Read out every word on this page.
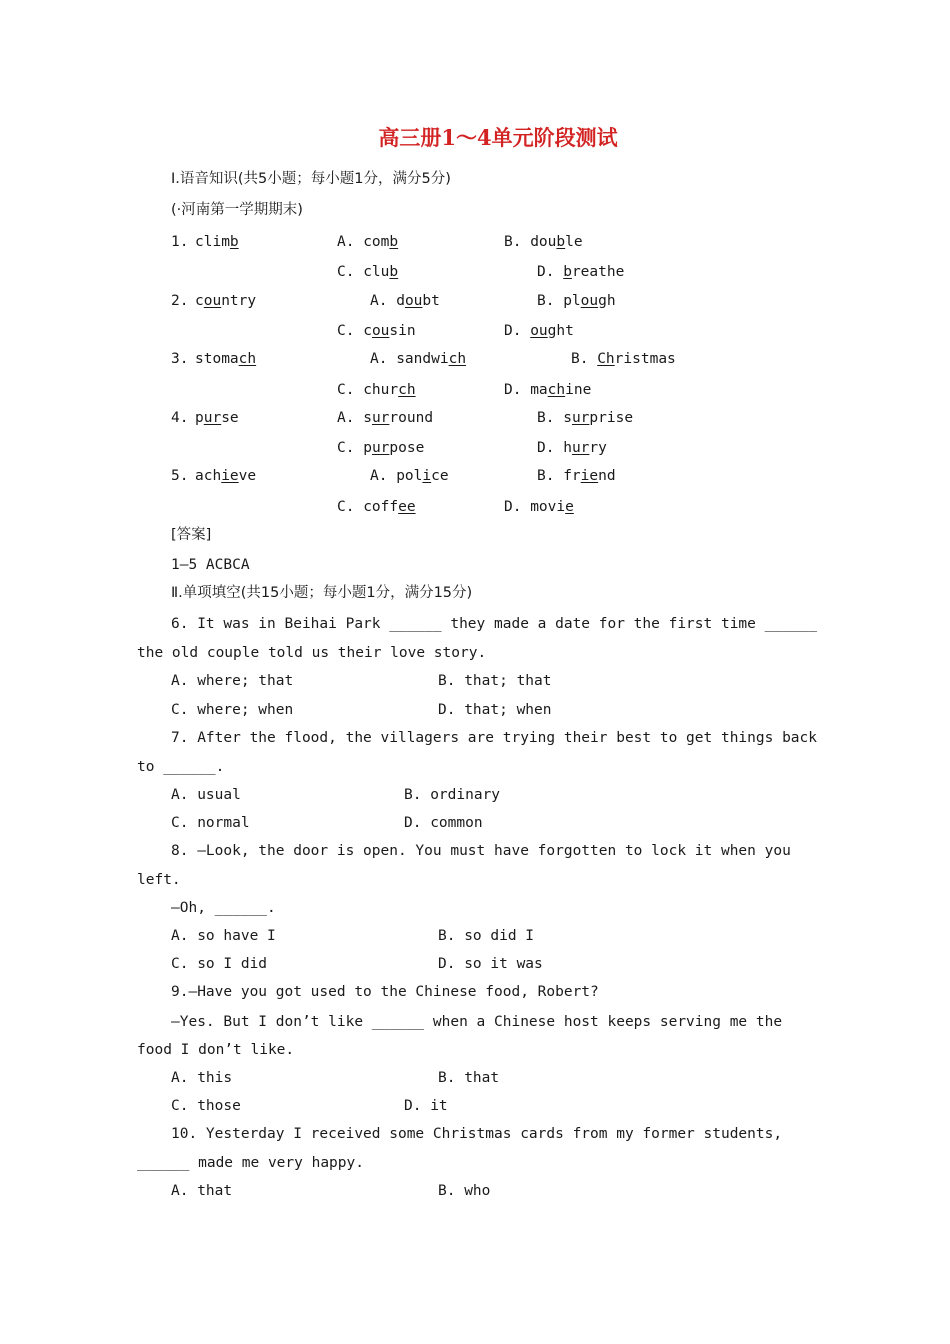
高三册1～4单元阶段测试
Ⅰ.语音知识(共5小题；每小题1分，满分5分)
(·河南第一学期期末)
1. climb	A. comb	B. double
C. club	D. breathe
2. country	A. doubt	B. plough
C. cousin	D. ought
3. stomach	A. sandwich	B. Christmas
C. church	D. machine
4. purse	A. surround	B. surprise
C. purpose	D. hurry
5. achieve	A. police	B. friend
C. coffee	D. movie
[答案]
1—5 ACBCA
Ⅱ.单项填空(共15小题；每小题1分，满分15分)
6. It was in Beihai Park ______ they made a date for the first time ______
the old couple told us their love story.
A. where; that	B. that; that
C. where; when	D. that; when
7. After the flood, the villagers are trying their best to get things back
to ______.
A. usual	B. ordinary
C. normal	D. common
8. —Look, the door is open. You must have forgotten to lock it when you
left.
—Oh, ______.
A. so have I	B. so did I
C. so I did	D. so it was
9.—Have you got used to the Chinese food, Robert?
—Yes. But I don’t like ______ when a Chinese host keeps serving me the
food I don’t like.
A. this	B. that
C. those	D. it
10. Yesterday I received some Christmas cards from my former students,
______ made me very happy.
A. that	B. who
